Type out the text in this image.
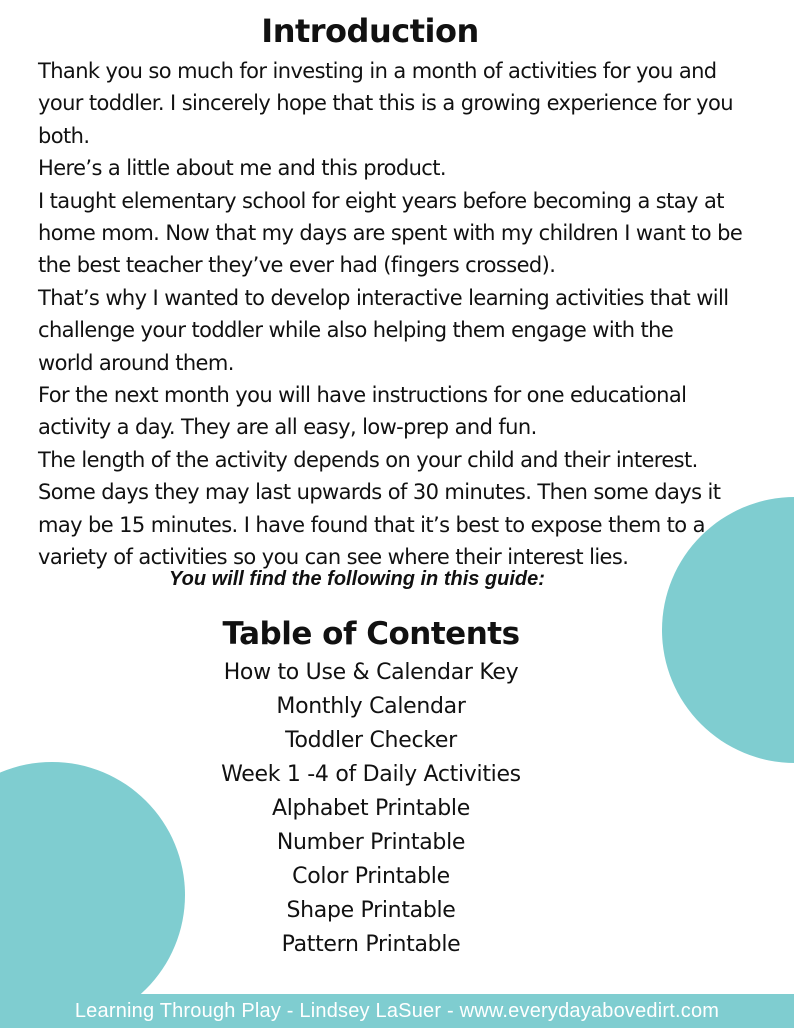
Introduction

Thank you so much for investing in a month of activities for you and

your toddler. I sincerely hope that this is a growing experience for you

both.

Here’s a little about me and this product.

I taught elementary school for eight years before becoming a stay at

home mom. Now that my days are spent with my children I want to be

the best teacher they’ve ever had (fingers crossed).

That’s why I wanted to develop interactive learning activities that will

challenge your toddler while also helping them engage with the

world around them.

For the next month you will have instructions for one educational

activity a day. They are all easy, low-prep and fun.

The length of the activity depends on your child and their interest.

Some days they may last upwards of 30 minutes. Then some days it

may be 15 minutes. I have found that it’s best to expose them to a

variety of activities so you can see where their interest lies.

You will find the following in this guide:

Table of Contents
How to Use & Calendar Key
Monthly Calendar
Toddler Checker
Week 1 -4 of Daily Activities
Alphabet Printable
Number Printable
Color Printable
Shape Printable
Pattern Printable
Learning Through Play - Lindsey LaSuer - www.everydayabovedirt.com
